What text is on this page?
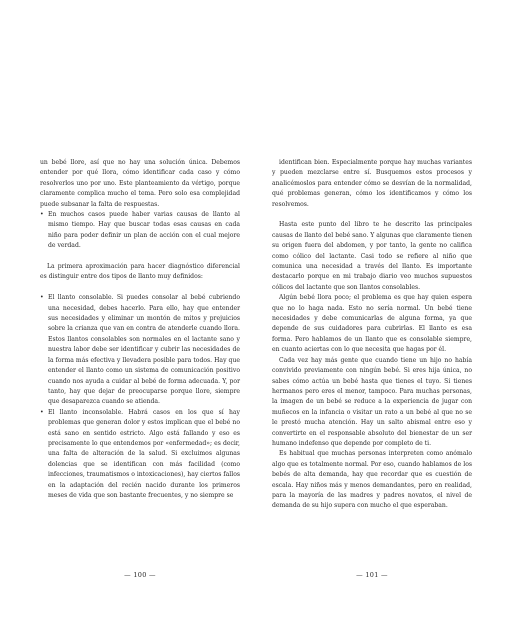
un bebé llore, así que no hay una solución única. Debemos entender por qué llora, cómo identificar cada caso y cómo resolverlos uno por uno. Este planteamiento da vértigo, porque claramente complica mucho el tema. Pero solo esa complejidad puede subsanar la falta de respuestas.
• En muchos casos puede haber varias causas de llanto al mismo tiempo. Hay que buscar todas esas causas en cada niño para poder definir un plan de acción con el cual mejore de verdad.

La primera aproximación para hacer diagnóstico diferencial es distinguir entre dos tipos de llanto muy definidos:

• El llanto consolable. Si puedes consolar al bebé cubriendo una necesidad, debes hacerlo. Para ello, hay que entender sus necesidades y eliminar un montón de mitos y prejuicios sobre la crianza que van en contra de atenderle cuando llora. Estos llantos consolables son normales en el lactante sano y nuestra labor debe ser identificar y cubrir las necesidades de la forma más efectiva y llevadera posible para todos. Hay que entender el llanto como un sistema de comunicación positivo cuando nos ayuda a cuidar al bebé de forma adecuada. Y, por tanto, hay que dejar de preocuparse porque llore, siempre que desaparezca cuando se atienda.
• El llanto inconsolable. Habrá casos en los que sí hay problemas que generan dolor y estos implican que el bebé no está sano en sentido estricto. Algo está fallando y eso es precisamente lo que entendemos por «enfermedad»; es decir, una falta de alteración de la salud. Si excluimos algunas dolencias que se identifican con más facilidad (como infecciones, traumatismos o intoxicaciones), hay ciertos fallos en la adaptación del recién nacido durante los primeros meses de vida que son bastante frecuentes, y no siempre se
— 100 —

identifican bien. Especialmente porque hay muchas variantes y pueden mezclarse entre sí. Busquemos estos procesos y analicémoslos para entender cómo se desvían de la normalidad, qué problemas generan, cómo los identificamos y cómo los resolvemos.

Hasta este punto del libro te he descrito las principales causas de llanto del bebé sano. Y algunas que claramente tienen su origen fuera del abdomen, y por tanto, la gente no califica como cólico del lactante. Casi todo se refiere al niño que comunica una necesidad a través del llanto. Es importante destacarlo porque en mi trabajo diario veo muchos supuestos cólicos del lactante que son llantos consolables.

Algún bebé llora poco; el problema es que hay quien espera que no lo haga nada. Esto no sería normal. Un bebé tiene necesidades y debe comunicarlas de alguna forma, ya que depende de sus cuidadores para cubrirlas. El llanto es esa forma. Pero hablamos de un llanto que es consolable siempre, en cuanto aciertas con lo que necesita que hagas por él.

Cada vez hay más gente que cuando tiene un hijo no había convivido previamente con ningún bebé. Si eres hija única, no sabes cómo actúa un bebé hasta que tienes el tuyo. Si tienes hermanos pero eres el menor, tampoco. Para muchas personas, la imagen de un bebé se reduce a la experiencia de jugar con muñecos en la infancia o visitar un rato a un bebé al que no se le prestó mucha atención. Hay un salto abismal entre eso y convertirte en el responsable absoluto del bienestar de un ser humano indefenso que depende por completo de ti.

Es habitual que muchas personas interpreten como anómalo algo que es totalmente normal. Por eso, cuando hablamos de los bebés de alta demanda, hay que recordar que es cuestión de escala. Hay niños más y menos demandantes, pero en realidad, para la mayoría de las madres y padres novatos, el nivel de demanda de su hijo supera con mucho el que esperaban.

— 101 —
